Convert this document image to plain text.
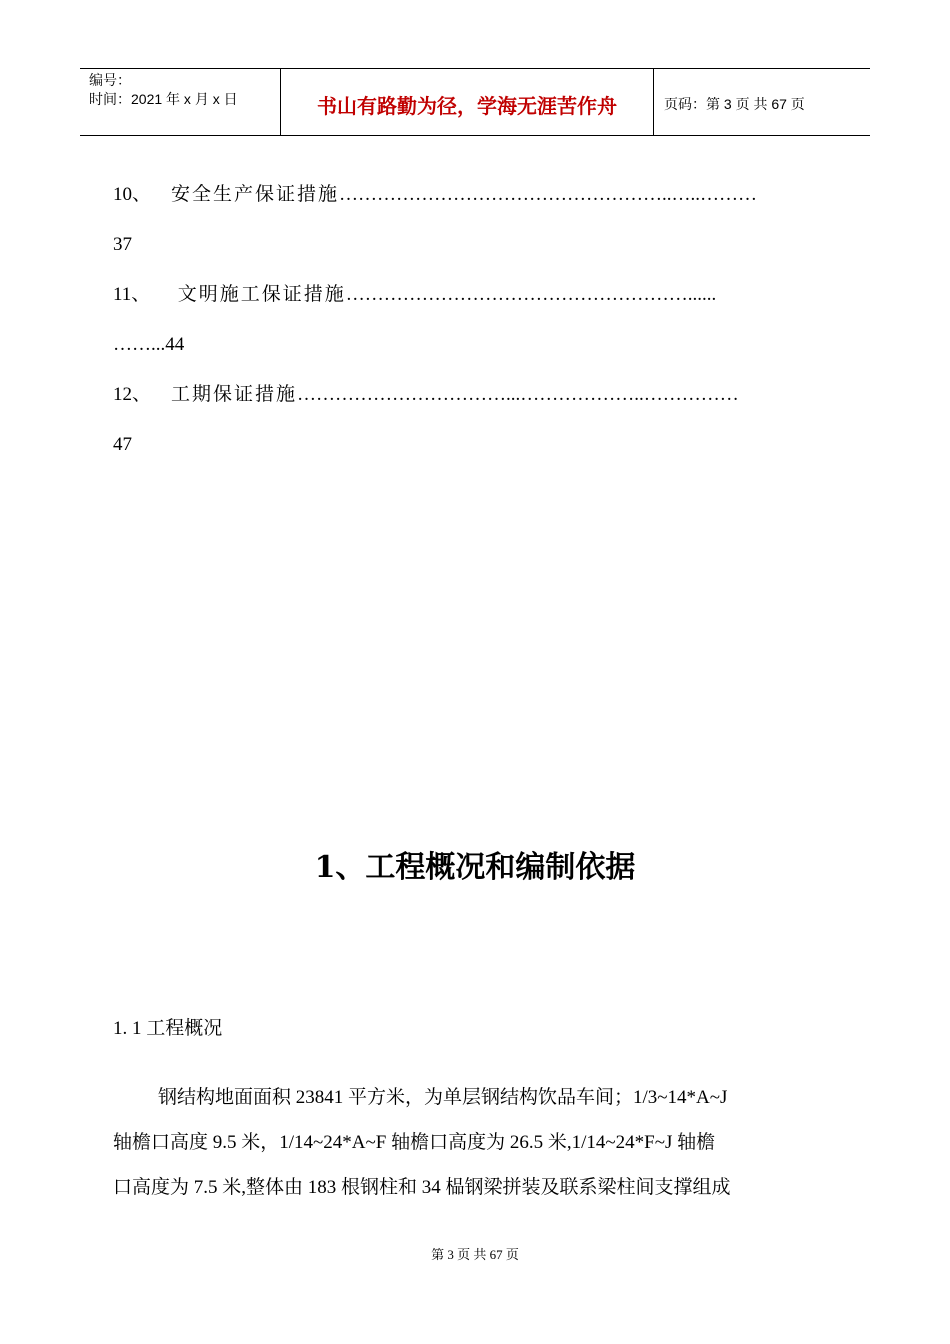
编号：
时间：2021 年 x 月 x 日	书山有路勤为径，学海无涯苦作舟	页码：第 3 页 共 67 页
10、 安全生产保证措施……………………………………………..…..………
37
11、 文明施工保证措施………………………………………………......
……...44
12、 工期保证措施……………………………...………………..……………
47
1、工程概况和编制依据
1. 1 工程概况
钢结构地面面积 23841 平方米，为单层钢结构饮品车间；1/3~14*A~J
轴檐口高度 9.5 米，1/14~24*A~F 轴檐口高度为 26.5 米,1/14~24*F~J 轴檐
口高度为 7.5 米,整体由 183 根钢柱和 34 榀钢梁拼装及联系梁柱间支撑组成
第 3 页 共 67 页
